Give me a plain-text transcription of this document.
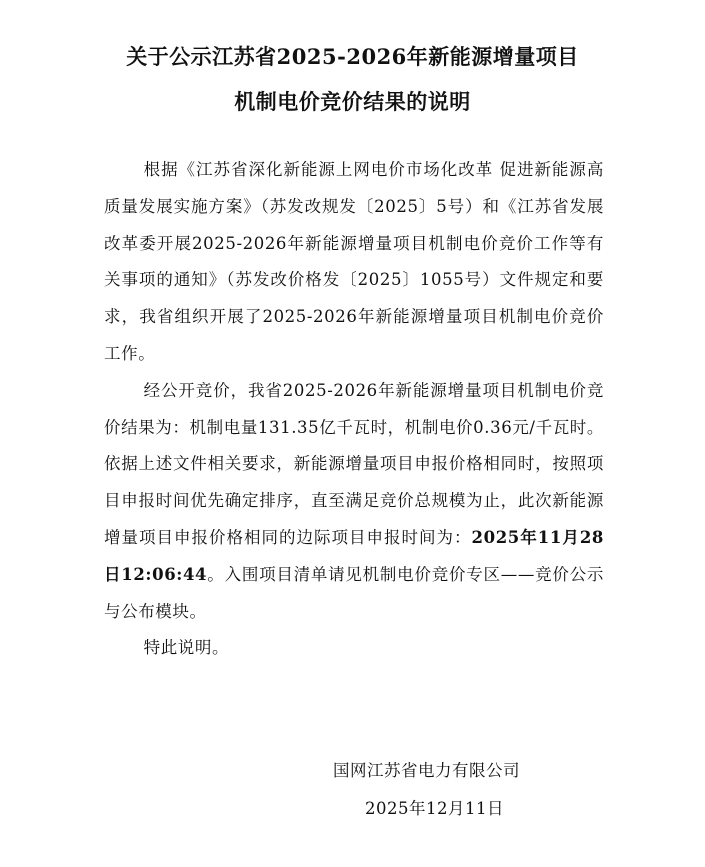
关于公示江苏省2025-2026年新能源增量项目
机制电价竞价结果的说明

根据《江苏省深化新能源上网电价市场化改革 促进新能源高质量发展实施方案》（苏发改规发〔2025〕5号）和《江苏省发展改革委开展2025-2026年新能源增量项目机制电价竞价工作等有关事项的通知》（苏发改价格发〔2025〕1055号）文件规定和要求，我省组织开展了2025-2026年新能源增量项目机制电价竞价工作。

经公开竞价，我省2025-2026年新能源增量项目机制电价竞价结果为：机制电量131.35亿千瓦时，机制电价0.36元/千瓦时。依据上述文件相关要求，新能源增量项目申报价格相同时，按照项目申报时间优先确定排序，直至满足竞价总规模为止，此次新能源增量项目申报价格相同的边际项目申报时间为：2025年11月28日12:06:44。入围项目清单请见机制电价竞价专区——竞价公示与公布模块。

特此说明。

国网江苏省电力有限公司
2025年12月11日
